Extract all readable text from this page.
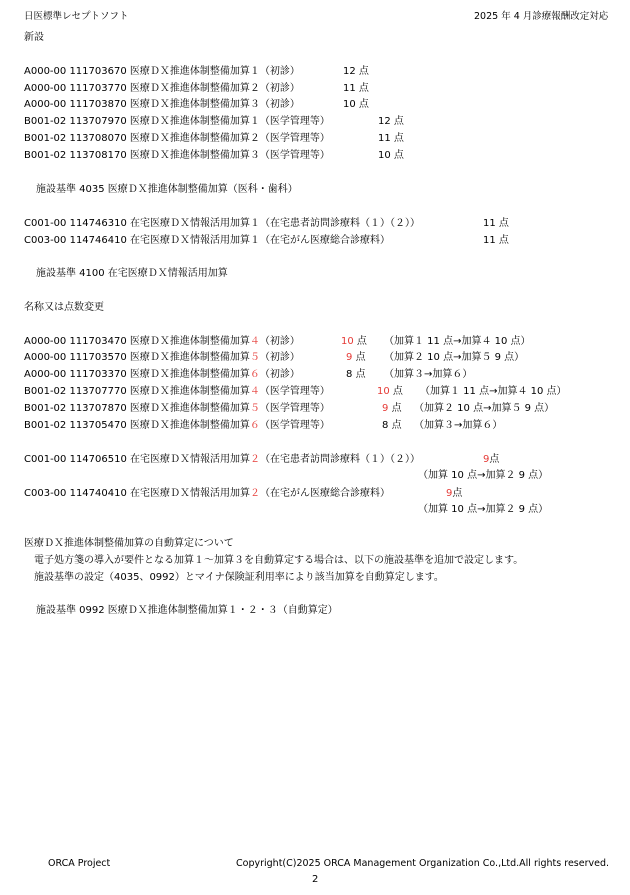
日医標準レセプトソフト	2025 年 4 月診療報酬改定対応
新設
A000-00 111703670 医療ＤＸ推進体制整備加算１（初診）	12 点
A000-00 111703770 医療ＤＸ推進体制整備加算２（初診）	11 点
A000-00 111703870 医療ＤＸ推進体制整備加算３（初診）	10 点
B001-02 113707970 医療ＤＸ推進体制整備加算１（医学管理等）	12 点
B001-02 113708070 医療ＤＸ推進体制整備加算２（医学管理等）	11 点
B001-02 113708170 医療ＤＸ推進体制整備加算３（医学管理等）	10 点
施設基準 4035 医療ＤＸ推進体制整備加算（医科・歯科）
C001-00 114746310 在宅医療ＤＸ情報活用加算１（在宅患者訪問診療料（１）（２））	11 点
C003-00 114746410 在宅医療ＤＸ情報活用加算１（在宅がん医療総合診療料）	11 点
施設基準 4100 在宅医療ＤＸ情報活用加算
名称又は点数変更
A000-00 111703470 医療ＤＸ推進体制整備加算４（初診）	10 点 （加算１ 11 点→加算４ 10 点）
A000-00 111703570 医療ＤＸ推進体制整備加算５（初診）	9 点 （加算２ 10 点→加算５ 9 点）
A000-00 111703370 医療ＤＸ推進体制整備加算６（初診）	8 点 （加算３→加算６）
B001-02 113707770 医療ＤＸ推進体制整備加算４（医学管理等）	10 点 （加算１ 11 点→加算４ 10 点）
B001-02 113707870 医療ＤＸ推進体制整備加算５（医学管理等）	9 点 （加算２ 10 点→加算５ 9 点）
B001-02 113705470 医療ＤＸ推進体制整備加算６（医学管理等）	8 点 （加算３→加算６）
C001-00 114706510 在宅医療ＤＸ情報活用加算２（在宅患者訪問診療料（１）（２））	9点
（加算 10 点→加算２ 9 点）
C003-00 114740410 在宅医療ＤＸ情報活用加算２（在宅がん医療総合診療料）	9点
（加算 10 点→加算２ 9 点）
医療ＤＸ推進体制整備加算の自動算定について
電子処方箋の導入が要件となる加算１～加算３を自動算定する場合は、以下の施設基準を追加で設定します。
施設基準の設定（4035、0992）とマイナ保険証利用率により該当加算を自動算定します。
施設基準 0992 医療ＤＸ推進体制整備加算１・２・３（自動算定）
ORCA Project	Copyright(C)2025 ORCA Management Organization Co.,Ltd.All rights reserved.
2
